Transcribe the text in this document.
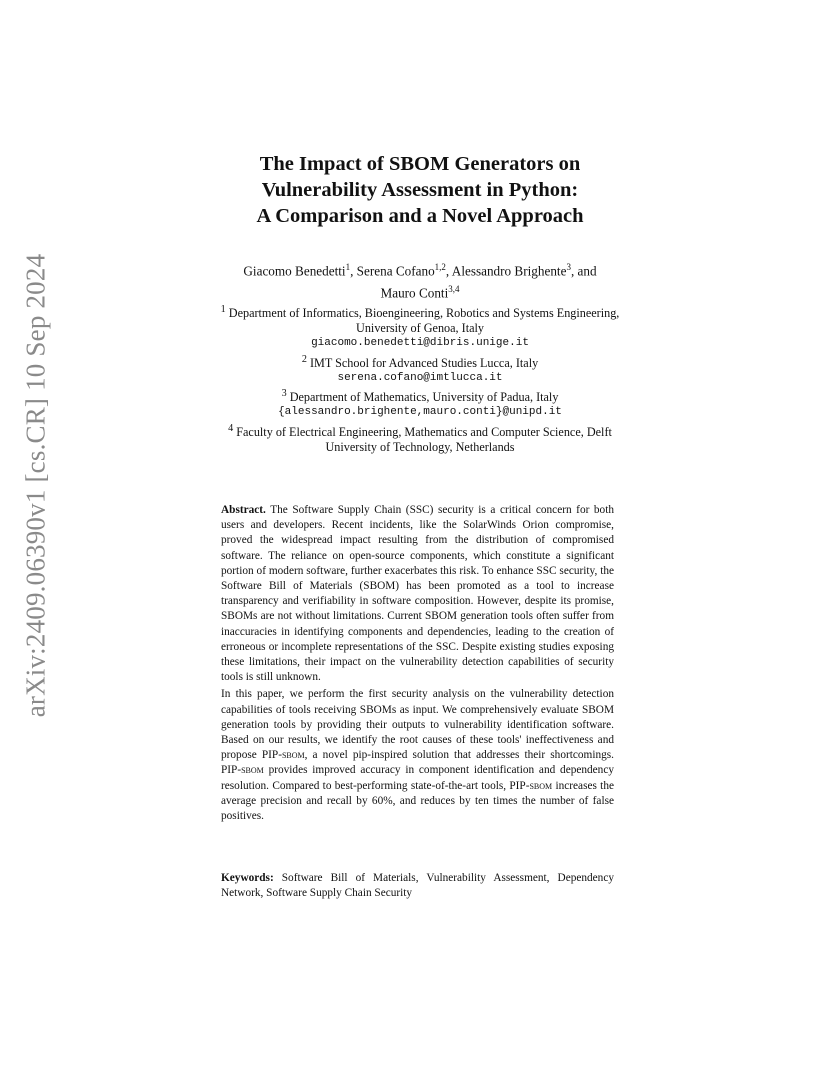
arXiv:2409.06390v1 [cs.CR] 10 Sep 2024
The Impact of SBOM Generators on
Vulnerability Assessment in Python:
A Comparison and a Novel Approach
Giacomo Benedetti$^1$, Serena Cofano$^{1,2}$, Alessandro Brighente$^3$, and
Mauro Conti$^{3,4}$
$^1$ Department of Informatics, Bioengineering, Robotics and Systems Engineering,
University of Genoa, Italy
giacomo.benedetti@dibris.unige.it
$^2$ IMT School for Advanced Studies Lucca, Italy
serena.cofano@imtlucca.it
$^3$ Department of Mathematics, University of Padua, Italy
{alessandro.brighente,mauro.conti}@unipd.it
$^4$ Faculty of Electrical Engineering, Mathematics and Computer Science, Delft
University of Technology, Netherlands

Abstract. The Software Supply Chain (SSC) security is a critical concern for both users and developers. Recent incidents, like the SolarWinds Orion compromise, proved the widespread impact resulting from the distribution of compromised software. The reliance on open-source components, which constitute a significant portion of modern software, further exacerbates this risk. To enhance SSC security, the Software Bill of Materials (SBOM) has been promoted as a tool to increase transparency and verifiability in software composition. However, despite its promise, SBOMs are not without limitations. Current SBOM generation tools often suffer from inaccuracies in identifying components and dependencies, leading to the creation of erroneous or incomplete representations of the SSC. Despite existing studies exposing these limitations, their impact on the vulnerability detection capabilities of security tools is still unknown.

In this paper, we perform the first security analysis on the vulnerability detection capabilities of tools receiving SBOMs as input. We comprehensively evaluate SBOM generation tools by providing their outputs to vulnerability identification software. Based on our results, we identify the root causes of these tools' ineffectiveness and propose PIP-sbom, a novel pip-inspired solution that addresses their shortcomings. PIP-sbom provides improved accuracy in component identification and dependency resolution. Compared to best-performing state-of-the-art tools, PIP-sbom increases the average precision and recall by 60%, and reduces by ten times the number of false positives.

Keywords: Software Bill of Materials, Vulnerability Assessment, Dependency Network, Software Supply Chain Security
